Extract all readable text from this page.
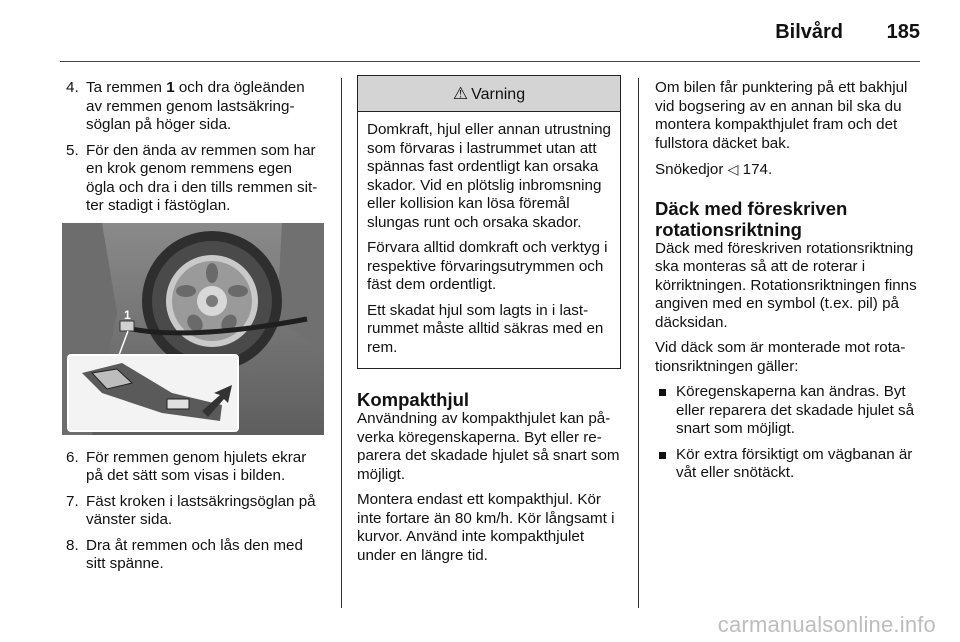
Bilvård 185
4. Ta remmen 1 och dra ögleänden av remmen genom lastsäkringsöglan på höger sida.
5. För den ända av remmen som har en krok genom remmens egen ögla och dra i den tills remmen sitter stadigt i fästöglan.
1
6. För remmen genom hjulets ekrar på det sätt som visas i bilden.
7. Fäst kroken i lastsäkringsöglan på vänster sida.
8. Dra åt remmen och lås den med sitt spänne.
⚠ Varning

Domkraft, hjul eller annan utrustning som förvaras i lastrummet utan att spännas fast ordentligt kan orsaka skador. Vid en plötslig inbromsning eller kollision kan lösa föremål slungas runt och orsaka skador.

Förvara alltid domkraft och verktyg i respektive förvaringsutrymmen och fäst dem ordentligt.

Ett skadat hjul som lagts in i lastrummet måste alltid säkras med en rem.

Kompakthjul

Användning av kompakthjulet kan påverka köregenskaperna. Byt eller reparera det skadade hjulet så snart som möjligt.

Montera endast ett kompakthjul. Kör inte fortare än 80 km/h. Kör långsamt i kurvor. Använd inte kompakthjulet under en längre tid.

Om bilen får punktering på ett bakhjul vid bogsering av en annan bil ska du montera kompakthjulet fram och det fullstora däcket bak.

Snökedjor ◁ 174.

Däck med föreskriven
rotationsriktning

Däck med föreskriven rotationsriktning ska monteras så att de roterar i körriktningen. Rotationsriktningen finns angiven med en symbol (t.ex. pil) på däcksidan.

Vid däck som är monterade mot rotationsriktningen gäller:

Köregenskaperna kan ändras. Byt eller reparera det skadade hjulet så snart som möjligt.
Kör extra försiktigt om vägbanan är våt eller snötäckt.
carmanualsonline.info
